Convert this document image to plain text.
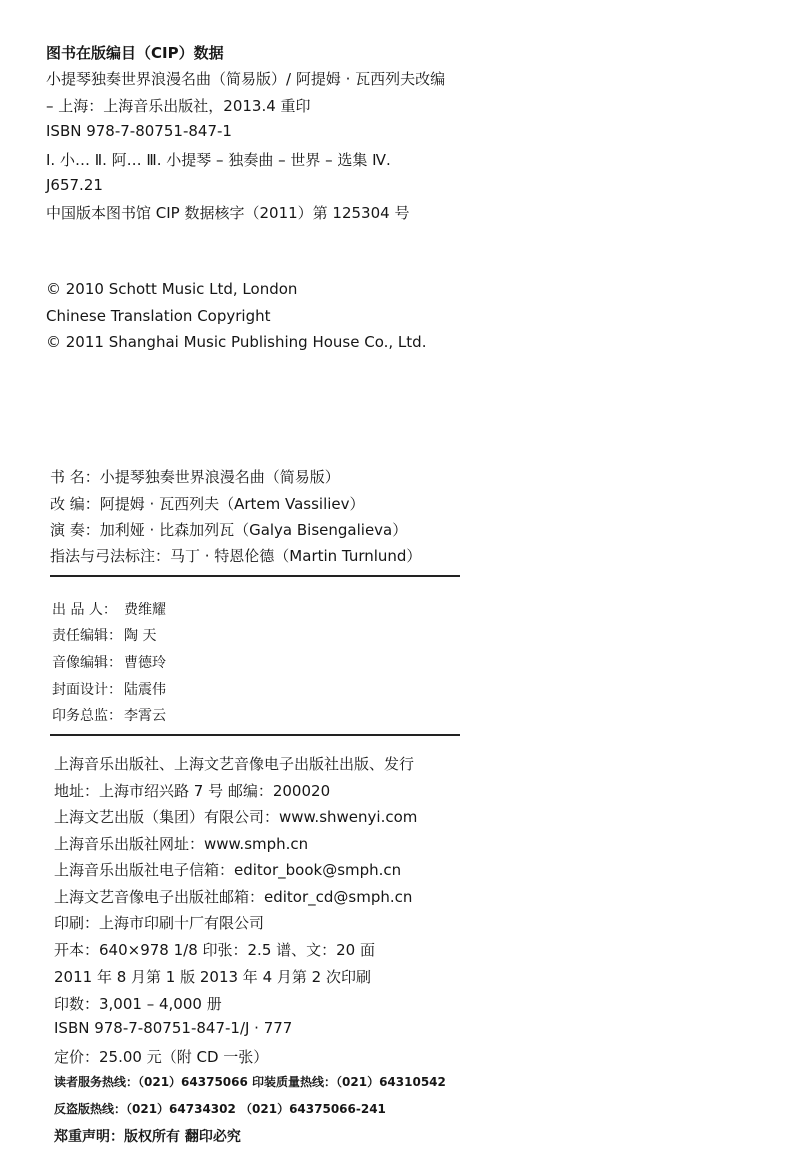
图书在版编目（CIP）数据
小提琴独奏世界浪漫名曲（简易版）/ 阿提姆 · 瓦西列夫改编
– 上海：上海音乐出版社，2013.4 重印
ISBN 978-7-80751-847-1
Ⅰ. 小… Ⅱ. 阿… Ⅲ. 小提琴 – 独奏曲 – 世界 – 选集 Ⅳ.
J657.21
中国版本图书馆 CIP 数据核字（2011）第 125304 号
© 2010 Schott Music Ltd, London
Chinese Translation Copyright
© 2011 Shanghai Music Publishing House Co., Ltd.
书 名：小提琴独奏世界浪漫名曲（简易版）
改 编：阿提姆 · 瓦西列夫（Artem Vassiliev）
演 奏：加利娅 · 比森加列瓦（Galya Bisengalieva）
指法与弓法标注：马丁 · 特恩伦德（Martin Turnlund）
出 品 人： 费维耀
责任编辑： 陶 天
音像编辑： 曹德玲
封面设计： 陆震伟
印务总监： 李霄云
上海音乐出版社、上海文艺音像电子出版社出版、发行
地址：上海市绍兴路 7 号 邮编：200020
上海文艺出版（集团）有限公司：www.shwenyi.com
上海音乐出版社网址：www.smph.cn
上海音乐出版社电子信箱：editor_book@smph.cn
上海文艺音像电子出版社邮箱：editor_cd@smph.cn
印刷：上海市印刷十厂有限公司
开本：640×978 1/8 印张：2.5 谱、文：20 面
2011 年 8 月第 1 版 2013 年 4 月第 2 次印刷
印数：3,001 – 4,000 册
ISBN 978-7-80751-847-1/J · 777
定价：25.00 元（附 CD 一张）
读者服务热线：（021）64375066 印装质量热线：（021）64310542
反盗版热线：（021）64734302 （021）64375066-241
郑重声明：版权所有 翻印必究
